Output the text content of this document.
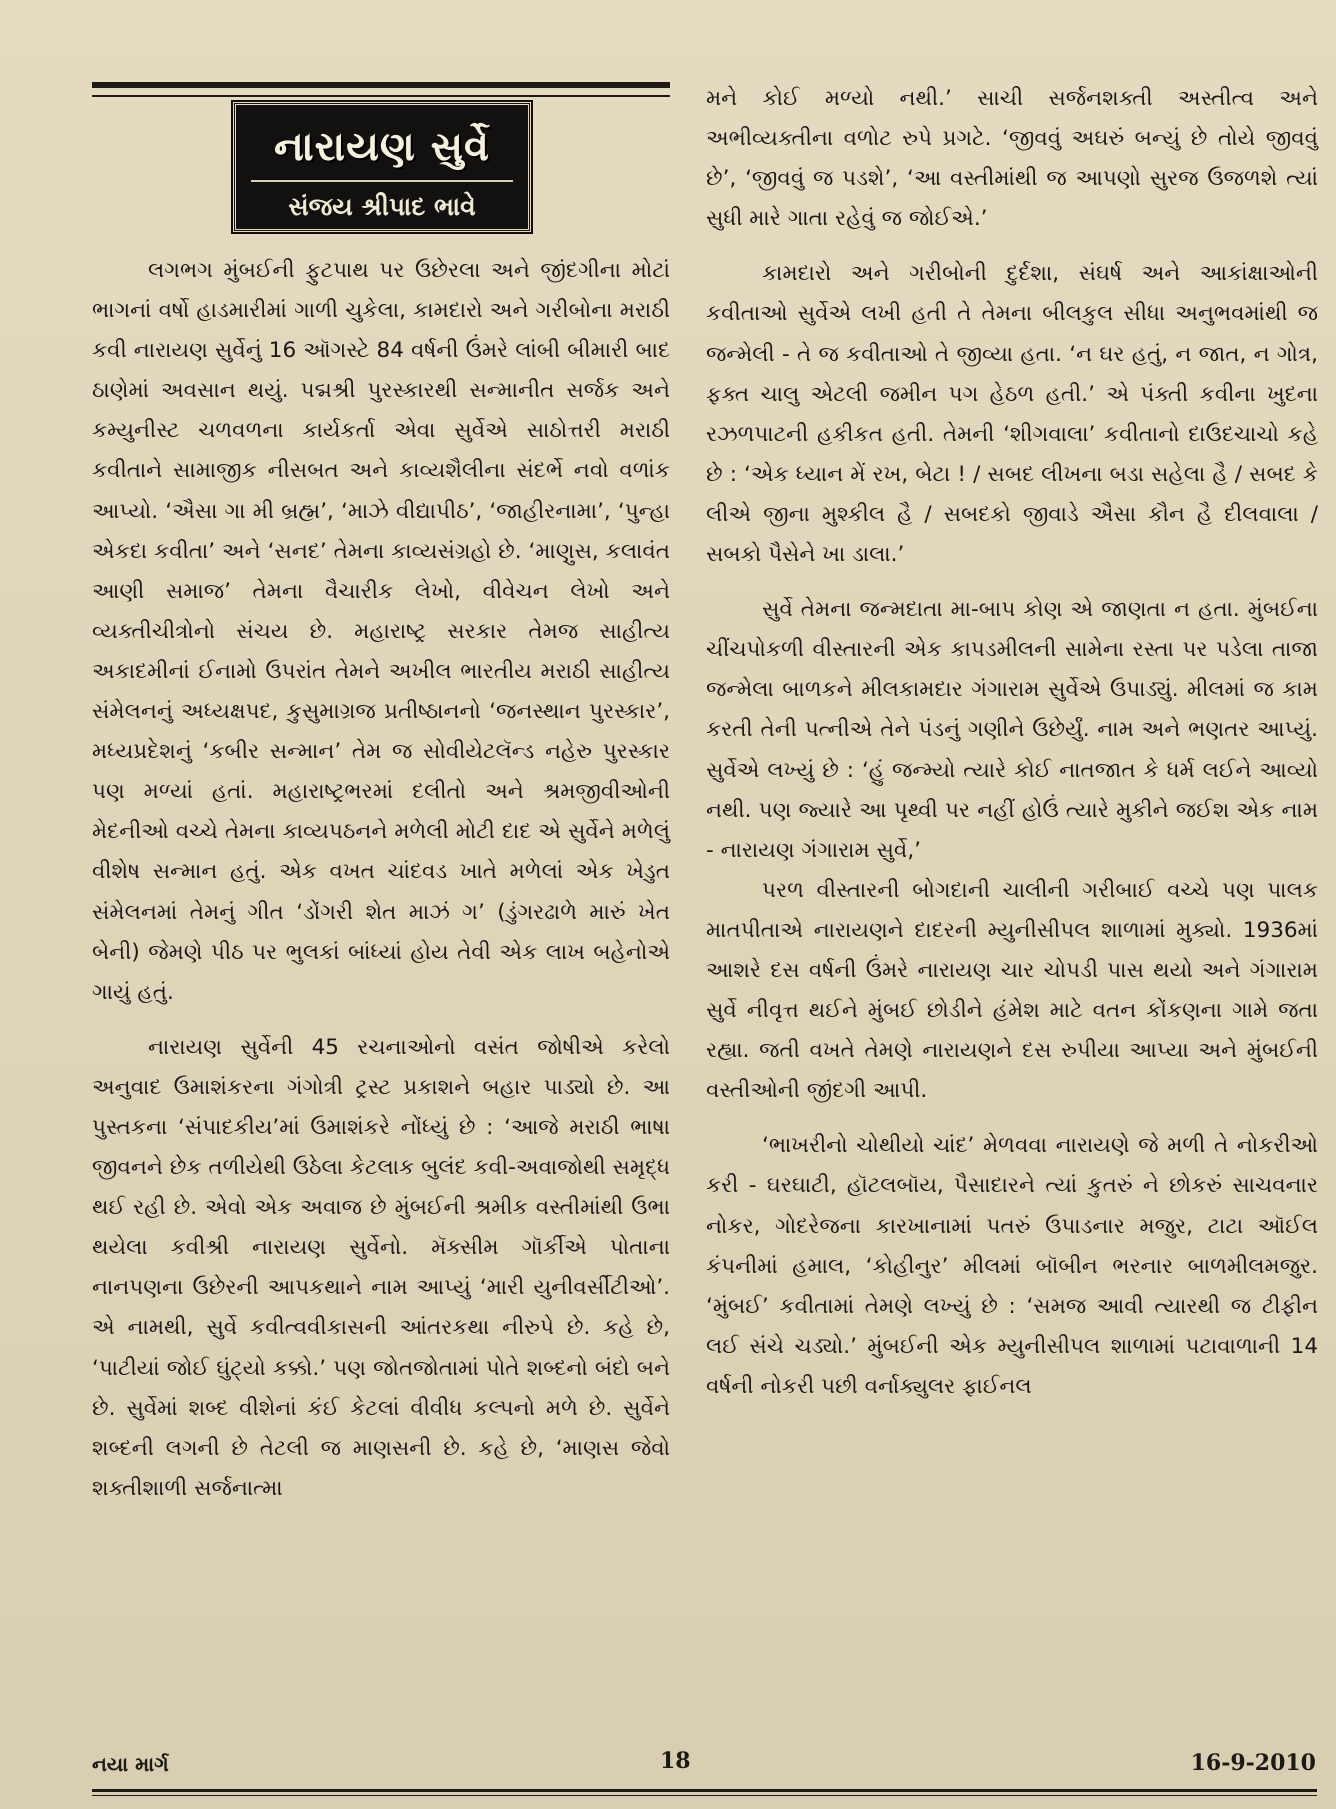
નારાયણ સુર્વે
સંજય શ્રીપાદ ભાવે

લગભગ મુંબઈની ફુટપાથ પર ઉછેરલા અને જીંદગીના મોટાં ભાગનાં વર્ષો હાડમારીમાં ગાળી ચુકેલા, કામદારો અને ગરીબોના મરાઠી કવી નારાયણ સુર્વેનું 16 ઑગસ્ટે 84 વર્ષની ઉંમરે લાંબી બીમારી બાદ ઠાણેમાં અવસાન થયું. પદ્મશ્રી પુરસ્કારથી સન્માનીત સર્જક અને કમ્યુનીસ્ટ ચળવળના કાર્યકર્તા એવા સુર્વેએ સાઠોત્તરી મરાઠી કવીતાને સામાજીક નીસબત અને કાવ્યશૈલીના સંદર્ભે નવો વળાંક આપ્યો. ‘ઐસા ગા મી બ્રહ્મ’, ‘માઝે વીદ્યાપીઠ’, ‘જાહીરનામા’, ‘પુન્હા એકદા કવીતા’ અને ‘સનદ’ તેમના કાવ્યસંગ્રહો છે. ‘માણુસ, કલાવંત આણી સમાજ’ તેમના વૈચારીક લેખો, વીવેચન લેખો અને વ્યક્તીચીત્રોનો સંચય છે. મહારાષ્ટ્ર સરકાર તેમજ સાહીત્ય અકાદમીનાં ઈનામો ઉપરાંત તેમને અખીલ ભારતીય મરાઠી સાહીત્ય સંમેલનનું અધ્યક્ષપદ, કુસુમાગ્રજ પ્રતીષ્ઠાનનો ‘જનસ્થાન પુરસ્કાર’, મધ્યપ્રદેશનું ‘કબીર સન્માન’ તેમ જ સોવીયેટલૅન્ડ નહેરુ પુરસ્કાર પણ મળ્યાં હતાં. મહારાષ્ટ્રભરમાં દલીતો અને શ્રમજીવીઓની મેદનીઓ વચ્ચે તેમના કાવ્યપઠનને મળેલી મોટી દાદ એ સુર્વેને મળેલું વીશેષ સન્માન હતું. એક વખત ચાંદવડ ખાતે મળેલાં એક ખેડુત સંમેલનમાં તેમનું ગીત ‘ડોંગરી શેત માઝં ગ’ (ડુંગરઢાળે મારું ખેત બેની) જેમણે પીઠ પર ભુલકાં બાંધ્યાં હોય તેવી એક લાખ બહેનોએ ગાયું હતું.

નારાયણ સુર્વેની 45 રચનાઓનો વસંત જોષીએ કરેલો અનુવાદ ઉમાશંકરના ગંગોત્રી ટ્રસ્ટ પ્રકાશને બહાર પાડ્યો છે. આ પુસ્તકના ‘સંપાદકીય’માં ઉમાશંકરે નોંધ્યું છે : ‘આજે મરાઠી ભાષા જીવનને છેક તળીયેથી ઉઠેલા કેટલાક બુલંદ કવી-અવાજોથી સમૃદ્ધ થઈ રહી છે. એવો એક અવાજ છે મુંબઈની શ્રમીક વસ્તીમાંથી ઉભા થયેલા કવીશ્રી નારાયણ સુર્વેનો. મૅક્સીમ ગૉર્કીએ પોતાના નાનપણના ઉછેરની આપકથાને નામ આપ્યું ‘મારી યુનીવર્સીટીઓ’. એ નામથી, સુર્વે કવીત્વવીકાસની આંતરકથા નીરુપે છે. કહે છે, ‘પાટીયાં જોઈ ઘુંટ્યો કક્કો.’ પણ જોતજોતામાં પોતે શબ્દનો બંદો બને છે. સુર્વેમાં શબ્દ વીશેનાં કંઈ કેટલાં વીવીધ કલ્પનો મળે છે. સુર્વેને શબ્દની લગની છે તેટલી જ માણસની છે. કહે છે, ‘માણસ જેવો શક્તીશાળી સર્જનાત્મા

મને કોઈ મળ્યો નથી.’ સાચી સર્જનશક્તી અસ્તીત્વ અને અભીવ્યક્તીના વળોટ રુપે પ્રગટે. ‘જીવવું અઘરું બન્યું છે તોયે જીવવું છે’, ‘જીવવું જ પડશે’, ‘આ વસ્તીમાંથી જ આપણો સુરજ ઉજળશે ત્યાં સુધી મારે ગાતા રહેવું જ જોઈએ.’

કામદારો અને ગરીબોની દુર્દશા, સંઘર્ષ અને આકાંક્ષાઓની કવીતાઓ સુર્વેએ લખી હતી તે તેમના બીલકુલ સીધા અનુભવમાંથી જ જન્મેલી - તે જ કવીતાઓ તે જીવ્યા હતા. ‘ન ઘર હતું, ન જાત, ન ગોત્ર, ફક્ત ચાલુ એટલી જમીન પગ હેઠળ હતી.’ એ પંક્તી કવીના ખુદના રઝળપાટની હકીકત હતી. તેમની ‘શીગવાલા’ કવીતાનો દાઉદચાચો કહે છે : ‘એક ધ્યાન મેં રખ, બેટા ! / સબદ લીખના બડા સહેલા હૈ / સબદ કે લીએ જીના મુશ્કીલ હૈ / સબદકો જીવાડે ઐસા કૌન હૈ દીલવાલા / સબકો પૈસેને ખા ડાલા.’

સુર્વે તેમના જન્મદાતા મા-બાપ કોણ એ જાણતા ન હતા. મુંબઈના ચીંચપોકળી વીસ્તારની એક કાપડમીલની સામેના રસ્તા પર પડેલા તાજા જન્મેલા બાળકને મીલકામદાર ગંગારામ સુર્વેએ ઉપાડ્યું. મીલમાં જ કામ કરતી તેની પત્નીએ તેને પંડનું ગણીને ઉછેર્યું. નામ અને ભણતર આપ્યું. સુર્વેએ લખ્યું છે : ‘હું જન્મ્યો ત્યારે કોઈ નાતજાત કે ધર્મ લઈને આવ્યો નથી. પણ જ્યારે આ પૃથ્વી પર નહીં હોઉં ત્યારે મુકીને જઈશ એક નામ - નારાયણ ગંગારામ સુર્વે,’

પરળ વીસ્તારની બોગદાની ચાલીની ગરીબાઈ વચ્ચે પણ પાલક માતપીતાએ નારાયણને દાદરની મ્યુનીસીપલ શાળામાં મુક્યો. 1936માં આશરે દસ વર્ષની ઉંમરે નારાયણ ચાર ચોપડી પાસ થયો અને ગંગારામ સુર્વે નીવૃત્ત થઈને મુંબઈ છોડીને હંમેશ માટે વતન કોંકણના ગામે જતા રહ્યા. જતી વખતે તેમણે નારાયણને દસ રુપીયા આપ્યા અને મુંબઈની વસ્તીઓની જીંદગી આપી.

‘ભાખરીનો ચોથીયો ચાંદ’ મેળવવા નારાયણે જે મળી તે નોકરીઓ કરી - ઘરઘાટી, હૉટલબૉય, પૈસાદારને ત્યાં કુતરું ને છોકરું સાચવનાર નોકર, ગોદરેજના કારખાનામાં પતરું ઉપાડનાર મજુર, ટાટા ઑઈલ કંપનીમાં હમાલ, ‘કોહીનુર’ મીલમાં બૉબીન ભરનાર બાળમીલમજુર. ‘મુંબઈ’ કવીતામાં તેમણે લખ્યું છે : ‘સમજ આવી ત્યારથી જ ટીફીન લઈ સંચે ચડ્યો.’ મુંબઈની એક મ્યુનીસીપલ શાળામાં પટાવાળાની 14 વર્ષની નોકરી પછી વર્નાક્યુલર ફાઈનલ

નયા માર્ગ	18	16-9-2010
